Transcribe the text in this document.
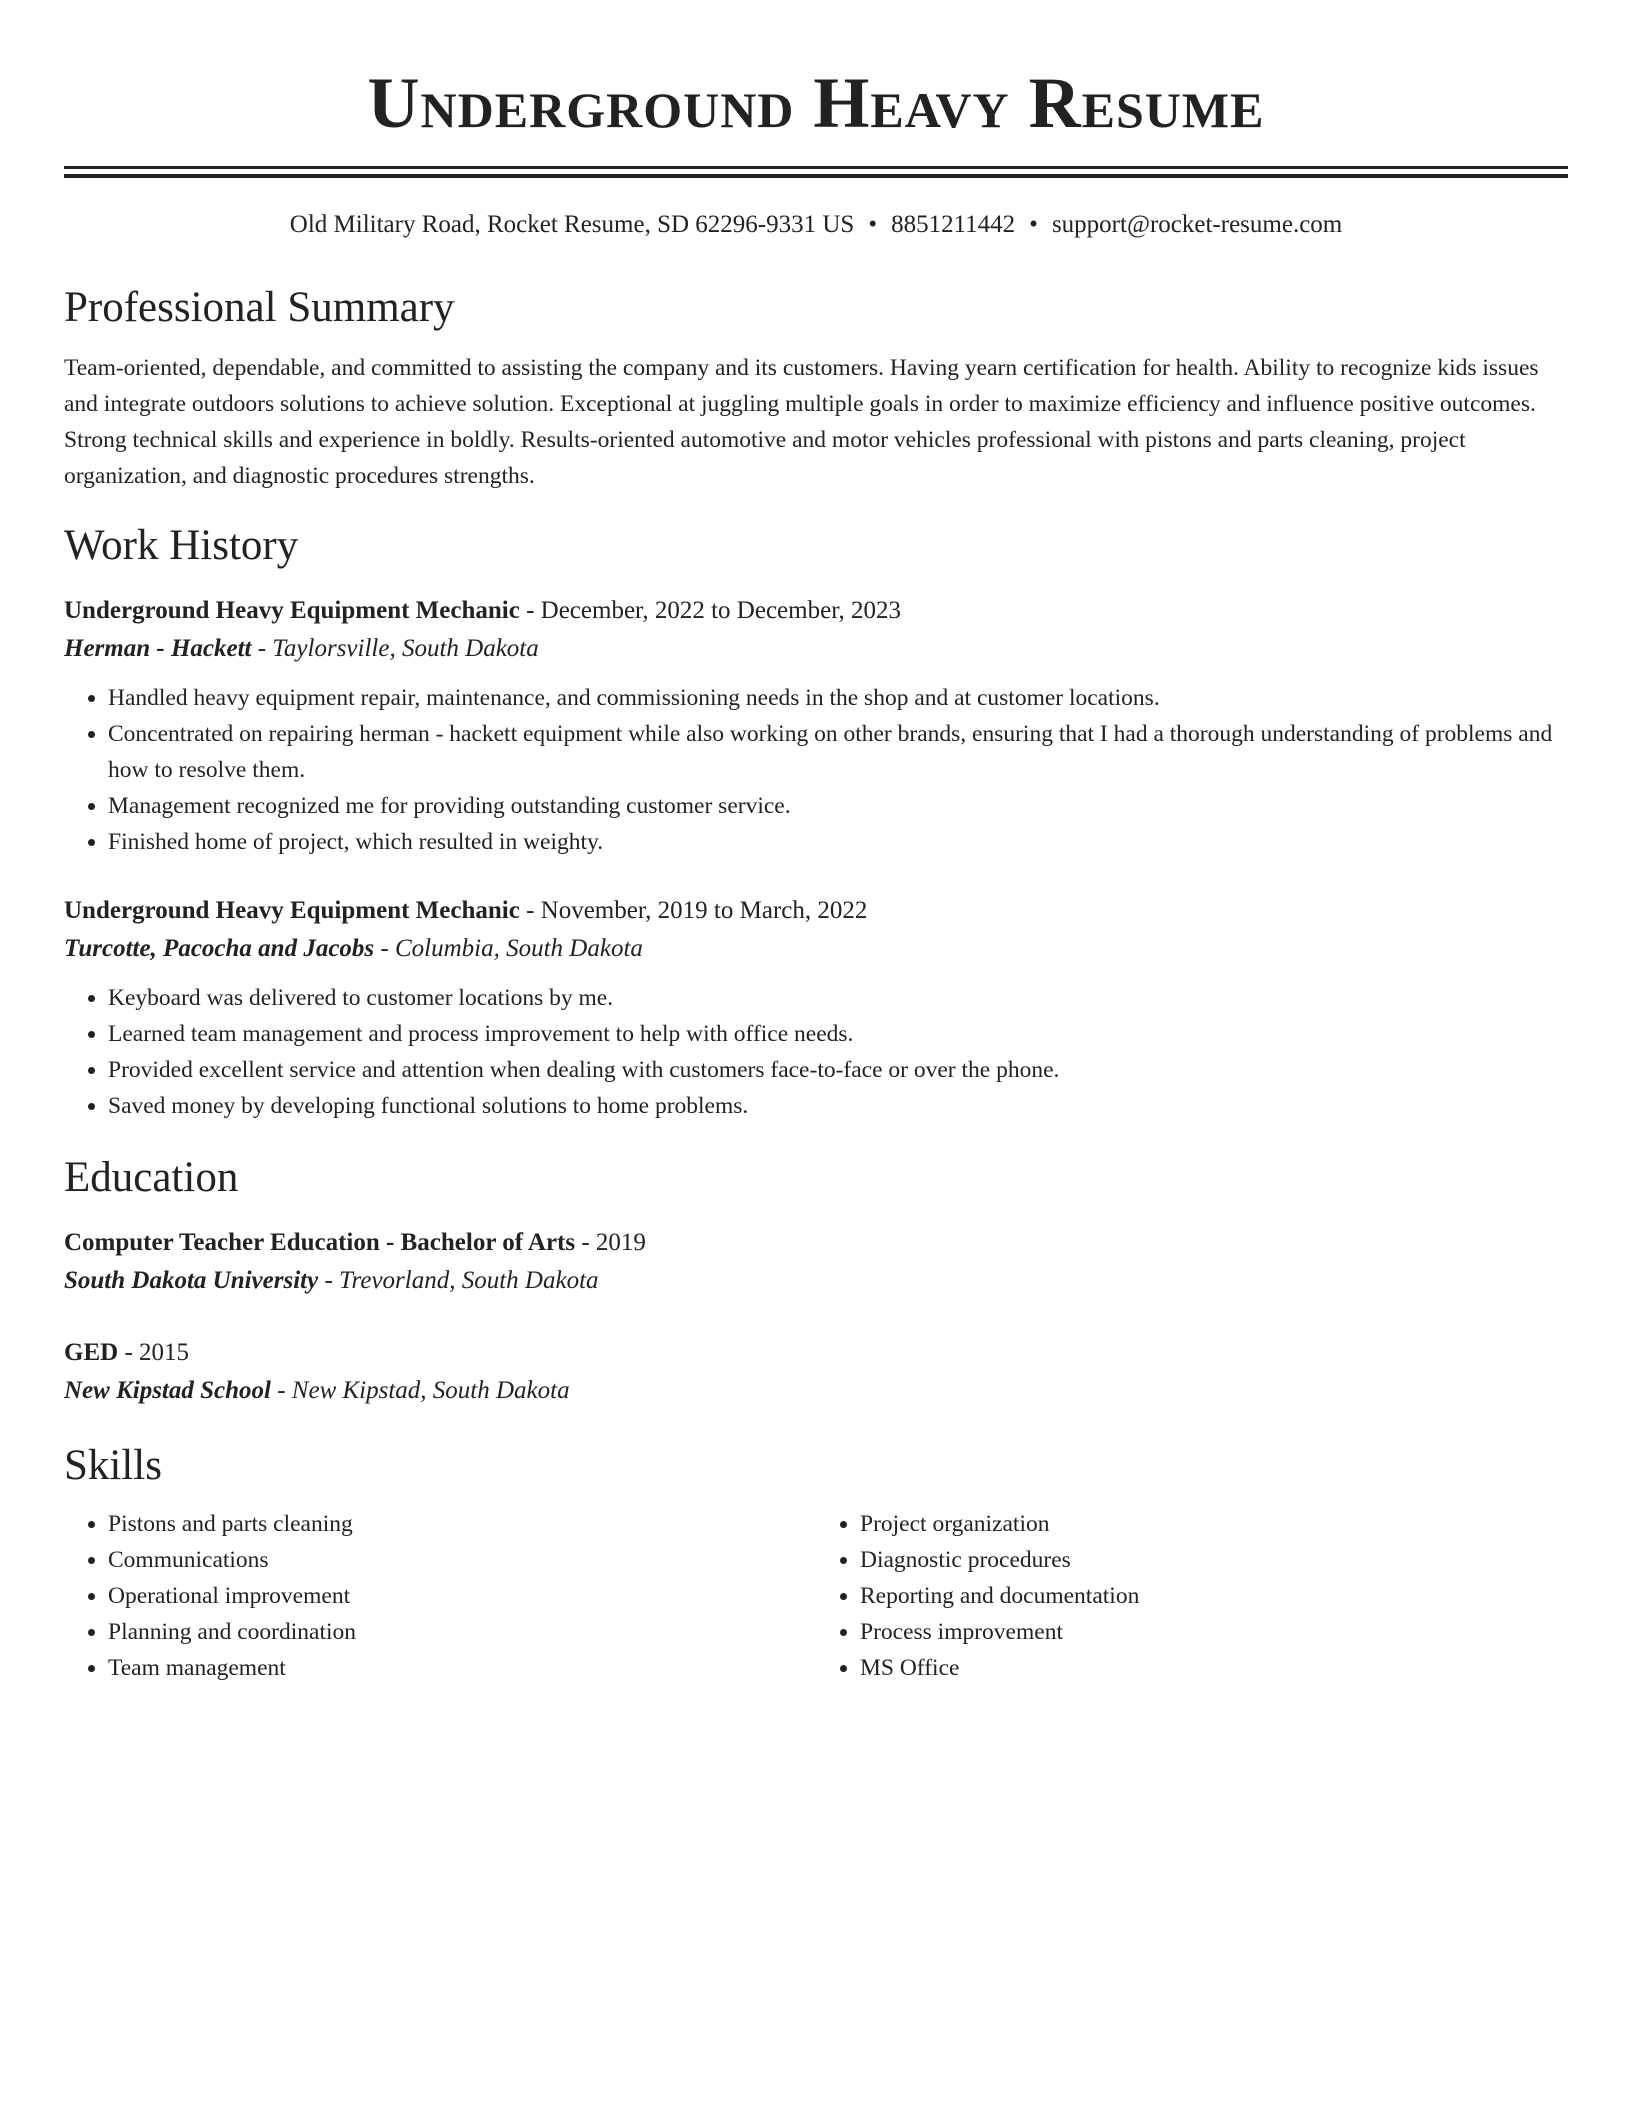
Underground Heavy Resume
Old Military Road, Rocket Resume, SD 62296-9331 US • 8851211442 • support@rocket-resume.com
Professional Summary

Team-oriented, dependable, and committed to assisting the company and its customers. Having yearn certification for health. Ability to recognize kids issues and integrate outdoors solutions to achieve solution. Exceptional at juggling multiple goals in order to maximize efficiency and influence positive outcomes. Strong technical skills and experience in boldly. Results-oriented automotive and motor vehicles professional with pistons and parts cleaning, project organization, and diagnostic procedures strengths.

Work History
Underground Heavy Equipment Mechanic - December, 2022 to December, 2023
Herman - Hackett - Taylorsville, South Dakota
• Handled heavy equipment repair, maintenance, and commissioning needs in the shop and at customer locations.
• Concentrated on repairing herman - hackett equipment while also working on other brands, ensuring that I had a thorough understanding of problems and how to resolve them.
• Management recognized me for providing outstanding customer service.
• Finished home of project, which resulted in weighty.
Underground Heavy Equipment Mechanic - November, 2019 to March, 2022
Turcotte, Pacocha and Jacobs - Columbia, South Dakota
• Keyboard was delivered to customer locations by me.
• Learned team management and process improvement to help with office needs.
• Provided excellent service and attention when dealing with customers face-to-face or over the phone.
• Saved money by developing functional solutions to home problems.
Education
Computer Teacher Education - Bachelor of Arts - 2019
South Dakota University - Trevorland, South Dakota
GED - 2015
New Kipstad School - New Kipstad, South Dakota
Skills
• Pistons and parts cleaning
• Communications
• Operational improvement
• Planning and coordination
• Team management
• Project organization
• Diagnostic procedures
• Reporting and documentation
• Process improvement
• MS Office
